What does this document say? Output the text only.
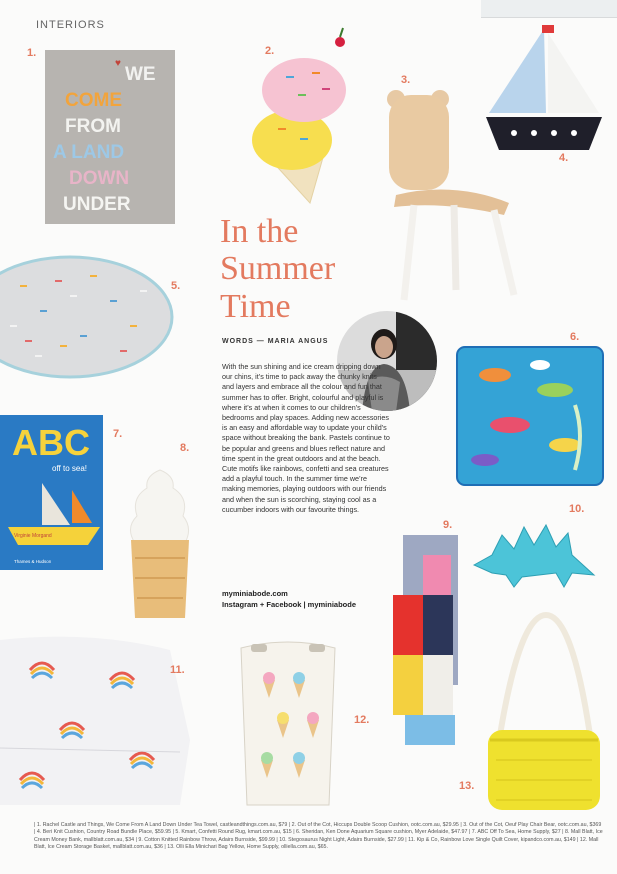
INTERIORS
♥
WE
COME
FROM
A LAND
DOWN
UNDER
ABC
off to sea!
Virginie Morgand
Thames & Hudson
1.	2.
3.
4.
5.
6.
7.
8.
9.
10.
11.
12.
13.
In the
Summer
Time
WORDS — MARIA ANGUS
With the sun shining and ice cream dripping down our chins, it’s time to pack away the chunky knits and layers and embrace all the colour and fun that summer has to offer. Bright, colourful and playful is where it’s at when it comes to our children’s bedrooms and play spaces. Adding new accessories is an easy and affordable way to update your child’s space without breaking the bank. Pastels continue to be popular and greens and blues reflect nature and time spent in the great outdoors and at the beach. Cute motifs like rainbows, confetti and sea creatures add a playful touch. In the summer time we’re making memories, playing outdoors with our friends and when the sun is scorching, staying cool as a cucumber indoors with our favourite things.
myminiabode.com
Instagram + Facebook | myminiabode
| 1. Rachel Castle and Things, We Come From A Land Down Under Tea Towel, castleandthings.com.au, $79 | 2. Out of the Cot, Hiccups Double Scoop Cushion, ootc.com.au, $29.95 | 3. Out of the Cot, Oeuf Play Chair Bear, ootc.com.au, $369 | 4. Beri Knit Cushion, Country Road Bundle Place, $59.95 | 5. Kmart, Confetti Round Rug, kmart.com.au, $15 | 6. Sheridan, Ken Done Aquarium Square cushion, Myer Adelaide, $47.97 | 7. ABC Off To Sea, Home Supply, $27 | 8. Mall Blatt, Ice Cream Money Bank, mallblatt.com.au, $34 | 9. Cotton Knitted Rainbow Throw, Adairs Burnside, $99.99 | 10. Stegosaurus Night Light, Adairs Burnside, $27.99 | 11. Kip & Co, Rainbow Love Single Quilt Cover, kipandco.com.au, $149 | 12. Mall Blatt, Ice Cream Storage Basket, mallblatt.com.au, $36 | 13. Olli Ella Minichari Bag Yellow, Home Supply, olliella.com.au, $65.
